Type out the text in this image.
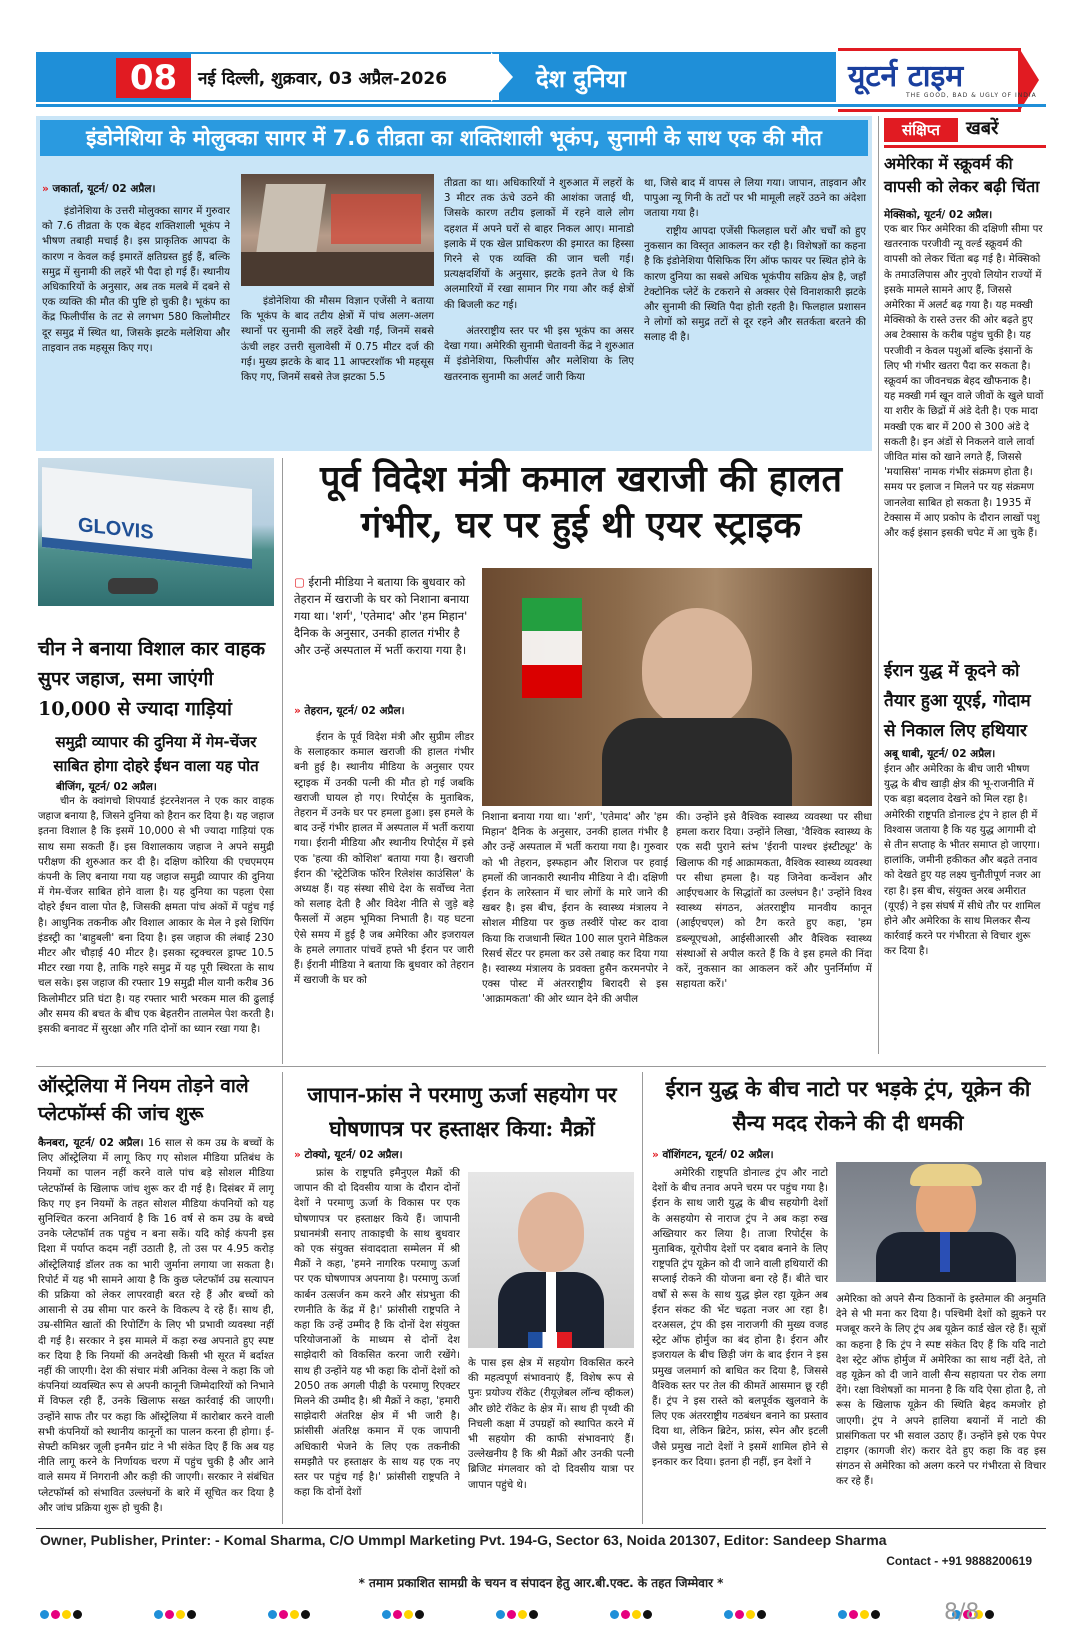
08	नई दिल्ली, शुक्रवार, 03 अप्रैल-2026	देश दुनिया	यूटर्न टाइम
THE GOOD, BAD & UGLY OF INDIA
इंडोनेशिया के मोलुक्का सागर में 7.6 तीव्रता का शक्तिशाली भूकंप, सुनामी के साथ एक की मौत
» जकार्ता, यूटर्न/ 02 अप्रैल।
इंडोनेशिया के उत्तरी मोलुक्का सागर में गुरुवार को 7.6 तीव्रता के एक बेहद शक्तिशाली भूकंप ने भीषण तबाही मचाई है। इस प्राकृतिक आपदा के कारण न केवल कई इमारतें क्षतिग्रस्त हुई हैं, बल्कि समुद्र में सुनामी की लहरें भी पैदा हो गई हैं। स्थानीय अधिकारियों के अनुसार, अब तक मलबे में दबने से एक व्यक्ति की मौत की पुष्टि हो चुकी है। भूकंप का केंद्र फिलीपींस के तट से लगभग 580 किलोमीटर दूर समुद्र में स्थित था, जिसके झटके मलेशिया और ताइवान तक महसूस किए गए।
इंडोनेशिया की मौसम विज्ञान एजेंसी ने बताया कि भूकंप के बाद तटीय क्षेत्रों में पांच अलग-अलग स्थानों पर सुनामी की लहरें देखी गईं, जिनमें सबसे ऊंची लहर उत्तरी सुलावेसी में 0.75 मीटर दर्ज की गई। मुख्य झटके के बाद 11 आफ्टरशॉक भी महसूस किए गए, जिनमें सबसे तेज झटका 5.5
तीव्रता का था। अधिकारियों ने शुरुआत में लहरों के 3 मीटर तक ऊंचे उठने की आशंका जताई थी, जिसके कारण तटीय इलाकों में रहने वाले लोग दहशत में अपने घरों से बाहर निकल आए। मानाडो इलाके में एक खेल प्राधिकरण की इमारत का हिस्सा गिरने से एक व्यक्ति की जान चली गई। प्रत्यक्षदर्शियों के अनुसार, झटके इतने तेज थे कि अलमारियों में रखा सामान गिर गया और कई क्षेत्रों की बिजली कट गई।
अंतरराष्ट्रीय स्तर पर भी इस भूकंप का असर देखा गया। अमेरिकी सुनामी चेतावनी केंद्र ने शुरुआत में इंडोनेशिया, फिलीपींस और मलेशिया के लिए खतरनाक सुनामी का अलर्ट जारी किया
था, जिसे बाद में वापस ले लिया गया। जापान, ताइवान और पापुआ न्यू गिनी के तटों पर भी मामूली लहरें उठने का अंदेशा जताया गया है।
राष्ट्रीय आपदा एजेंसी फिलहाल घरों और चर्चों को हुए नुकसान का विस्तृत आकलन कर रही है। विशेषज्ञों का कहना है कि इंडोनेशिया पैसिफिक रिंग ऑफ फायर पर स्थित होने के कारण दुनिया का सबसे अधिक भूकंपीय सक्रिय क्षेत्र है, जहाँ टेक्टोनिक प्लेटें के टकराने से अक्सर ऐसे विनाशकारी झटके और सुनामी की स्थिति पैदा होती रहती है। फिलहाल प्रशासन ने लोगों को समुद्र तटों से दूर रहने और सतर्कता बरतने की सलाह दी है।
संक्षिप्त	खबरें
अमेरिका में स्क्रूवर्म की वापसी को लेकर बढ़ी चिंता
मेक्सिको, यूटर्न/ 02 अप्रैल।
एक बार फिर अमेरिका की दक्षिणी सीमा पर खतरनाक परजीवी न्यू वर्ल्ड स्क्रूवर्म की वापसी को लेकर चिंता बढ़ गई है। मेक्सिको के तमाउलिपास और नुएवो लियोन राज्यों में इसके मामले सामने आए हैं, जिससे अमेरिका में अलर्ट बढ़ गया है। यह मक्खी मेक्सिको के रास्ते उत्तर की ओर बढ़ते हुए अब टेक्सास के करीब पहुंच चुकी है। यह परजीवी न केवल पशुओं बल्कि इंसानों के लिए भी गंभीर खतरा पैदा कर सकता है। स्क्रूवर्म का जीवनचक्र बेहद खौफनाक है। यह मक्खी गर्म खून वाले जीवों के खुले घावों या शरीर के छिद्रों में अंडे देती है। एक मादा मक्खी एक बार में 200 से 300 अंडे दे सकती है। इन अंडों से निकलने वाले लार्वा जीवित मांस को खाने लगते हैं, जिससे 'मयासिस' नामक गंभीर संक्रमण होता है। समय पर इलाज न मिलने पर यह संक्रमण जानलेवा साबित हो सकता है। 1935 में टेक्सास में आए प्रकोप के दौरान लाखों पशु और कई इंसान इसकी चपेट में आ चुके हैं।
ईरान युद्ध में कूदने को तैयार हुआ यूएई, गोदाम से निकाल लिए हथियार
अबू धाबी, यूटर्न/ 02 अप्रैल।
ईरान और अमेरिका के बीच जारी भीषण युद्ध के बीच खाड़ी क्षेत्र की भू-राजनीति में एक बड़ा बदलाव देखने को मिल रहा है। अमेरिकी राष्ट्रपति डोनाल्ड ट्रंप ने हाल ही में विश्वास जताया है कि यह युद्ध आगामी दो से तीन सप्ताह के भीतर समाप्त हो जाएगा। हालांकि, जमीनी हकीकत और बढ़ते तनाव को देखते हुए यह लक्ष्य चुनौतीपूर्ण नजर आ रहा है। इस बीच, संयुक्त अरब अमीरात (यूएई) ने इस संघर्ष में सीधे तौर पर शामिल होने और अमेरिका के साथ मिलकर सैन्य कार्रवाई करने पर गंभीरता से विचार शुरू कर दिया है।
GLOVIS
चीन ने बनाया विशाल कार वाहक सुपर जहाज, समा जाएंगी 10,000 से ज्यादा गाड़ियां
समुद्री व्यापार की दुनिया में गेम-चेंजर साबित होगा दोहरे ईंधन वाला यह पोत
बीजिंग, यूटर्न/ 02 अप्रैल।
चीन के क्वांगचो शिपयार्ड इंटरनेशनल ने एक कार वाहक जहाज बनाया है, जिसने दुनिया को हैरान कर दिया है। यह जहाज इतना विशाल है कि इसमें 10,000 से भी ज्यादा गाड़ियां एक साथ समा सकती हैं। इस विशालकाय जहाज ने अपने समुद्री परीक्षण की शुरुआत कर दी है। दक्षिण कोरिया की एचएमएम कंपनी के लिए बनाया गया यह जहाज समुद्री व्यापार की दुनिया में गेम-चेंजर साबित होने वाला है। यह दुनिया का पहला ऐसा दोहरे ईंधन वाला पोत है, जिसकी क्षमता पांच अंकों में पहुंच गई है। आधुनिक तकनीक और विशाल आकार के मेल ने इसे शिपिंग इंडस्ट्री का 'बाहुबली' बना दिया है। इस जहाज की लंबाई 230 मीटर और चौड़ाई 40 मीटर है। इसका स्ट्रक्चरल ड्राफ्ट 10.5 मीटर रखा गया है, ताकि गहरे समुद्र में यह पूरी स्थिरता के साथ चल सके। इस जहाज की रफ्तार 19 समुद्री मील यानी करीब 36 किलोमीटर प्रति घंटा है। यह रफ्तार भारी भरकम माल की ढुलाई और समय की बचत के बीच एक बेहतरीन तालमेल पेश करती है। इसकी बनावट में सुरक्षा और गति दोनों का ध्यान रखा गया है।
पूर्व विदेश मंत्री कमाल खराजी की हालत गंभीर, घर पर हुई थी एयर स्ट्राइक
▢ ईरानी मीडिया ने बताया कि बुधवार को तेहरान में खराजी के घर को निशाना बनाया गया था। 'शर्ग', 'एतेमाद' और 'हम मिहान' दैनिक के अनुसार, उनकी हालत गंभीर है और उन्हें अस्पताल में भर्ती कराया गया है।
» तेहरान, यूटर्न/ 02 अप्रैल।
ईरान के पूर्व विदेश मंत्री और सुप्रीम लीडर के सलाहकार कमाल खराजी की हालत गंभीर बनी हुई है। स्थानीय मीडिया के अनुसार एयर स्ट्राइक में उनकी पत्नी की मौत हो गई जबकि खराजी घायल हो गए। रिपोर्ट्स के मुताबिक, तेहरान में उनके घर पर हमला हुआ। इस हमले के बाद उन्हें गंभीर हालत में अस्पताल में भर्ती कराया गया। ईरानी मीडिया और स्थानीय रिपोर्ट्स में इसे एक 'हत्या की कोशिश' बताया गया है। खराजी ईरान की 'स्ट्रेटेजिक फॉरेन रिलेशंस काउंसिल' के अध्यक्ष हैं। यह संस्था सीधे देश के सर्वोच्च नेता को सलाह देती है और विदेश नीति से जुड़े बड़े फैसलों में अहम भूमिका निभाती है। यह घटना ऐसे समय में हुई है जब अमेरिका और इजरायल के हमले लगातार पांचवें हफ्ते भी ईरान पर जारी हैं। ईरानी मीडिया ने बताया कि बुधवार को तेहरान में खराजी के घर को
निशाना बनाया गया था। 'शर्ग', 'एतेमाद' और 'हम मिहान' दैनिक के अनुसार, उनकी हालत गंभीर है और उन्हें अस्पताल में भर्ती कराया गया है। गुरुवार को भी तेहरान, इस्फहान और शिराज पर हवाई हमलों की जानकारी स्थानीय मीडिया ने दी। दक्षिणी ईरान के लारेस्तान में चार लोगों के मारे जाने की खबर है। इस बीच, ईरान के स्वास्थ्य मंत्रालय ने सोशल मीडिया पर कुछ तस्वीरें पोस्ट कर दावा किया कि राजधानी स्थित 100 साल पुराने मेडिकल रिसर्च सेंटर पर हमला कर उसे तबाह कर दिया गया है। स्वास्थ्य मंत्रालय के प्रवक्ता हुसैन करमनपोर ने एक्स पोस्ट में अंतरराष्ट्रीय बिरादरी से इस 'आक्रामकता' की ओर ध्यान देने की अपील
की। उन्होंने इसे वैश्विक स्वास्थ्य व्यवस्था पर सीधा हमला करार दिया। उन्होंने लिखा, 'वैश्विक स्वास्थ्य के एक सदी पुराने स्तंभ 'ईरानी पाश्चर इंस्टीट्यूट' के खिलाफ की गई आक्रामकता, वैश्विक स्वास्थ्य व्यवस्था पर सीधा हमला है। यह जिनेवा कन्वेंशन और आईएचआर के सिद्धांतों का उल्लंघन है।' उन्होंने विश्व स्वास्थ्य संगठन, अंतरराष्ट्रीय मानवीय कानून (आईएचएल) को टैग करते हुए कहा, 'हम डब्ल्यूएचओ, आईसीआरसी और वैश्विक स्वास्थ्य संस्थाओं से अपील करते हैं कि वे इस हमले की निंदा करें, नुकसान का आकलन करें और पुनर्निर्माण में सहायता करें।'
ऑस्ट्रेलिया में नियम तोड़ने वाले प्लेटफॉर्म्स की जांच शुरू
कैनबरा, यूटर्न/ 02 अप्रैल। 16 साल से कम उम्र के बच्चों के लिए ऑस्ट्रेलिया में लागू किए गए सोशल मीडिया प्रतिबंध के नियमों का पालन नहीं करने वाले पांच बड़े सोशल मीडिया प्लेटफॉर्म्स के खिलाफ जांच शुरू कर दी गई है। दिसंबर में लागू किए गए इन नियमों के तहत सोशल मीडिया कंपनियों को यह सुनिश्चित करना अनिवार्य है कि 16 वर्ष से कम उम्र के बच्चे उनके प्लेटफॉर्म तक पहुंच न बना सकें। यदि कोई कंपनी इस दिशा में पर्याप्त कदम नहीं उठाती है, तो उस पर 4.95 करोड़ ऑस्ट्रेलियाई डॉलर तक का भारी जुर्माना लगाया जा सकता है। रिपोर्ट में यह भी सामने आया है कि कुछ प्लेटफॉर्म उम्र सत्यापन की प्रक्रिया को लेकर लापरवाही बरत रहे हैं और बच्चों को आसानी से उम्र सीमा पार करने के विकल्प दे रहे हैं। साथ ही, उम्र-सीमित खातों की रिपोर्टिंग के लिए भी प्रभावी व्यवस्था नहीं दी गई है। सरकार ने इस मामले में कड़ा रुख अपनाते हुए स्पष्ट कर दिया है कि नियमों की अनदेखी किसी भी सूरत में बर्दाश्त नहीं की जाएगी। देश की संचार मंत्री अनिका वेल्स ने कहा कि जो कंपनियां व्यवस्थित रूप से अपनी कानूनी जिम्मेदारियों को निभाने में विफल रही हैं, उनके खिलाफ सख्त कार्रवाई की जाएगी। उन्होंने साफ तौर पर कहा कि ऑस्ट्रेलिया में कारोबार करने वाली सभी कंपनियों को स्थानीय कानूनों का पालन करना ही होगा। ई-सेफ्टी कमिश्नर जूली इनमैन ग्रांट ने भी संकेत दिए हैं कि अब यह नीति लागू करने के निर्णायक चरण में पहुंच चुकी है और आने वाले समय में निगरानी और कड़ी की जाएगी। सरकार ने संबंधित प्लेटफॉर्म्स को संभावित उल्लंघनों के बारे में सूचित कर दिया है और जांच प्रक्रिया शुरू हो चुकी है।
जापान-फ्रांस ने परमाणु ऊर्जा सहयोग पर घोषणापत्र पर हस्ताक्षर किया: मैक्रों
» टोक्यो, यूटर्न/ 02 अप्रैल।
फ्रांस के राष्ट्रपति इमैनुएल मैक्रों की जापान की दो दिवसीय यात्रा के दौरान दोनों देशों ने परमाणु ऊर्जा के विकास पर एक घोषणापत्र पर हस्ताक्षर किये हैं। जापानी प्रधानमंत्री सनाए ताकाइची के साथ बुधवार को एक संयुक्त संवाददाता सम्मेलन में श्री मैक्रों ने कहा, 'हमने नागरिक परमाणु ऊर्जा पर एक घोषणापत्र अपनाया है। परमाणु ऊर्जा कार्बन उत्सर्जन कम करने और संप्रभुता की रणनीति के केंद्र में है।' फ्रांसीसी राष्ट्रपति ने कहा कि उन्हें उम्मीद है कि दोनों देश संयुक्त परियोजनाओं के माध्यम से दोनों देश साझेदारी को विकसित करना जारी रखेंगे। साथ ही उन्होंने यह भी कहा कि दोनों देशों को 2050 तक अगली पीढ़ी के परमाणु रिएक्टर मिलने की उम्मीद है। श्री मैक्रों ने कहा, 'हमारी साझेदारी अंतरिक्ष क्षेत्र में भी जारी है। फ्रांसीसी अंतरिक्ष कमान में एक जापानी अधिकारी भेजने के लिए एक तकनीकी समझौते पर हस्ताक्षर के साथ यह एक नए स्तर पर पहुंच गई है।' फ्रांसीसी राष्ट्रपति ने कहा कि दोनों देशों
के पास इस क्षेत्र में सहयोग विकसित करने की महत्वपूर्ण संभावनाएं हैं, विशेष रूप से पुनः प्रयोज्य रॉकेट (रीयूज़ेबल लॉन्च व्हीकल) और छोटे रॉकेट के क्षेत्र में। साथ ही पृथ्वी की निचली कक्षा में उपग्रहों को स्थापित करने में भी सहयोग की काफी संभावनाएं हैं। उल्लेखनीय है कि श्री मैक्रों और उनकी पत्नी ब्रिजिट मंगलवार को दो दिवसीय यात्रा पर जापान पहुंचे थे।
ईरान युद्ध के बीच नाटो पर भड़के ट्रंप, यूक्रेन की सैन्य मदद रोकने की दी धमकी
» वॉशिंगटन, यूटर्न/ 02 अप्रैल।
अमेरिकी राष्ट्रपति डोनाल्ड ट्रंप और नाटो देशों के बीच तनाव अपने चरम पर पहुंच गया है। ईरान के साथ जारी युद्ध के बीच सहयोगी देशों के असहयोग से नाराज ट्रंप ने अब कड़ा रुख अख्तियार कर लिया है। ताजा रिपोर्ट्स के मुताबिक, यूरोपीय देशों पर दबाव बनाने के लिए राष्ट्रपति ट्रंप यूक्रेन को दी जाने वाली हथियारों की सप्लाई रोकने की योजना बना रहे हैं। बीते चार वर्षों से रूस के साथ युद्ध झेल रहा यूक्रेन अब ईरान संकट की भेंट चढ़ता नजर आ रहा है। दरअसल, ट्रंप की इस नाराजगी की मुख्य वजह स्ट्रेट ऑफ होर्मुज का बंद होना है। ईरान और इजरायल के बीच छिड़ी जंग के बाद ईरान ने इस प्रमुख जलमार्ग को बाधित कर दिया है, जिससे वैश्विक स्तर पर तेल की कीमतें आसमान छू रही हैं। ट्रंप ने इस रास्ते को बलपूर्वक खुलवाने के लिए एक अंतरराष्ट्रीय गठबंधन बनाने का प्रस्ताव दिया था, लेकिन ब्रिटेन, फ्रांस, स्पेन और इटली जैसे प्रमुख नाटो देशों ने इसमें शामिल होने से इनकार कर दिया। इतना ही नहीं, इन देशों ने
अमेरिका को अपने सैन्य ठिकानों के इस्तेमाल की अनुमति देने से भी मना कर दिया है। पश्चिमी देशों को झुकने पर मजबूर करने के लिए ट्रंप अब यूक्रेन कार्ड खेल रहे हैं। सूत्रों का कहना है कि ट्रंप ने स्पष्ट संकेत दिए हैं कि यदि नाटो देश स्ट्रेट ऑफ होर्मुज में अमेरिका का साथ नहीं देते, तो वह यूक्रेन को दी जाने वाली सैन्य सहायता पर रोक लगा देंगे। रक्षा विशेषज्ञों का मानना है कि यदि ऐसा होता है, तो रूस के खिलाफ यूक्रेन की स्थिति बेहद कमजोर हो जाएगी। ट्रंप ने अपने हालिया बयानों में नाटो की प्रासंगिकता पर भी सवाल उठाए हैं। उन्होंने इसे एक पेपर टाइगर (कागजी शेर) करार देते हुए कहा कि वह इस संगठन से अमेरिका को अलग करने पर गंभीरता से विचार कर रहे हैं।
Owner, Publisher, Printer: - Komal Sharma, C/O Ummpl Marketing Pvt. 194-G, Sector 63, Noida 201307, Editor: Sandeep Sharma
Contact - +91 9888200619
* तमाम प्रकाशित सामग्री के चयन व संपादन हेतु आर.बी.एक्ट. के तहत जिम्मेवार *
8/8
